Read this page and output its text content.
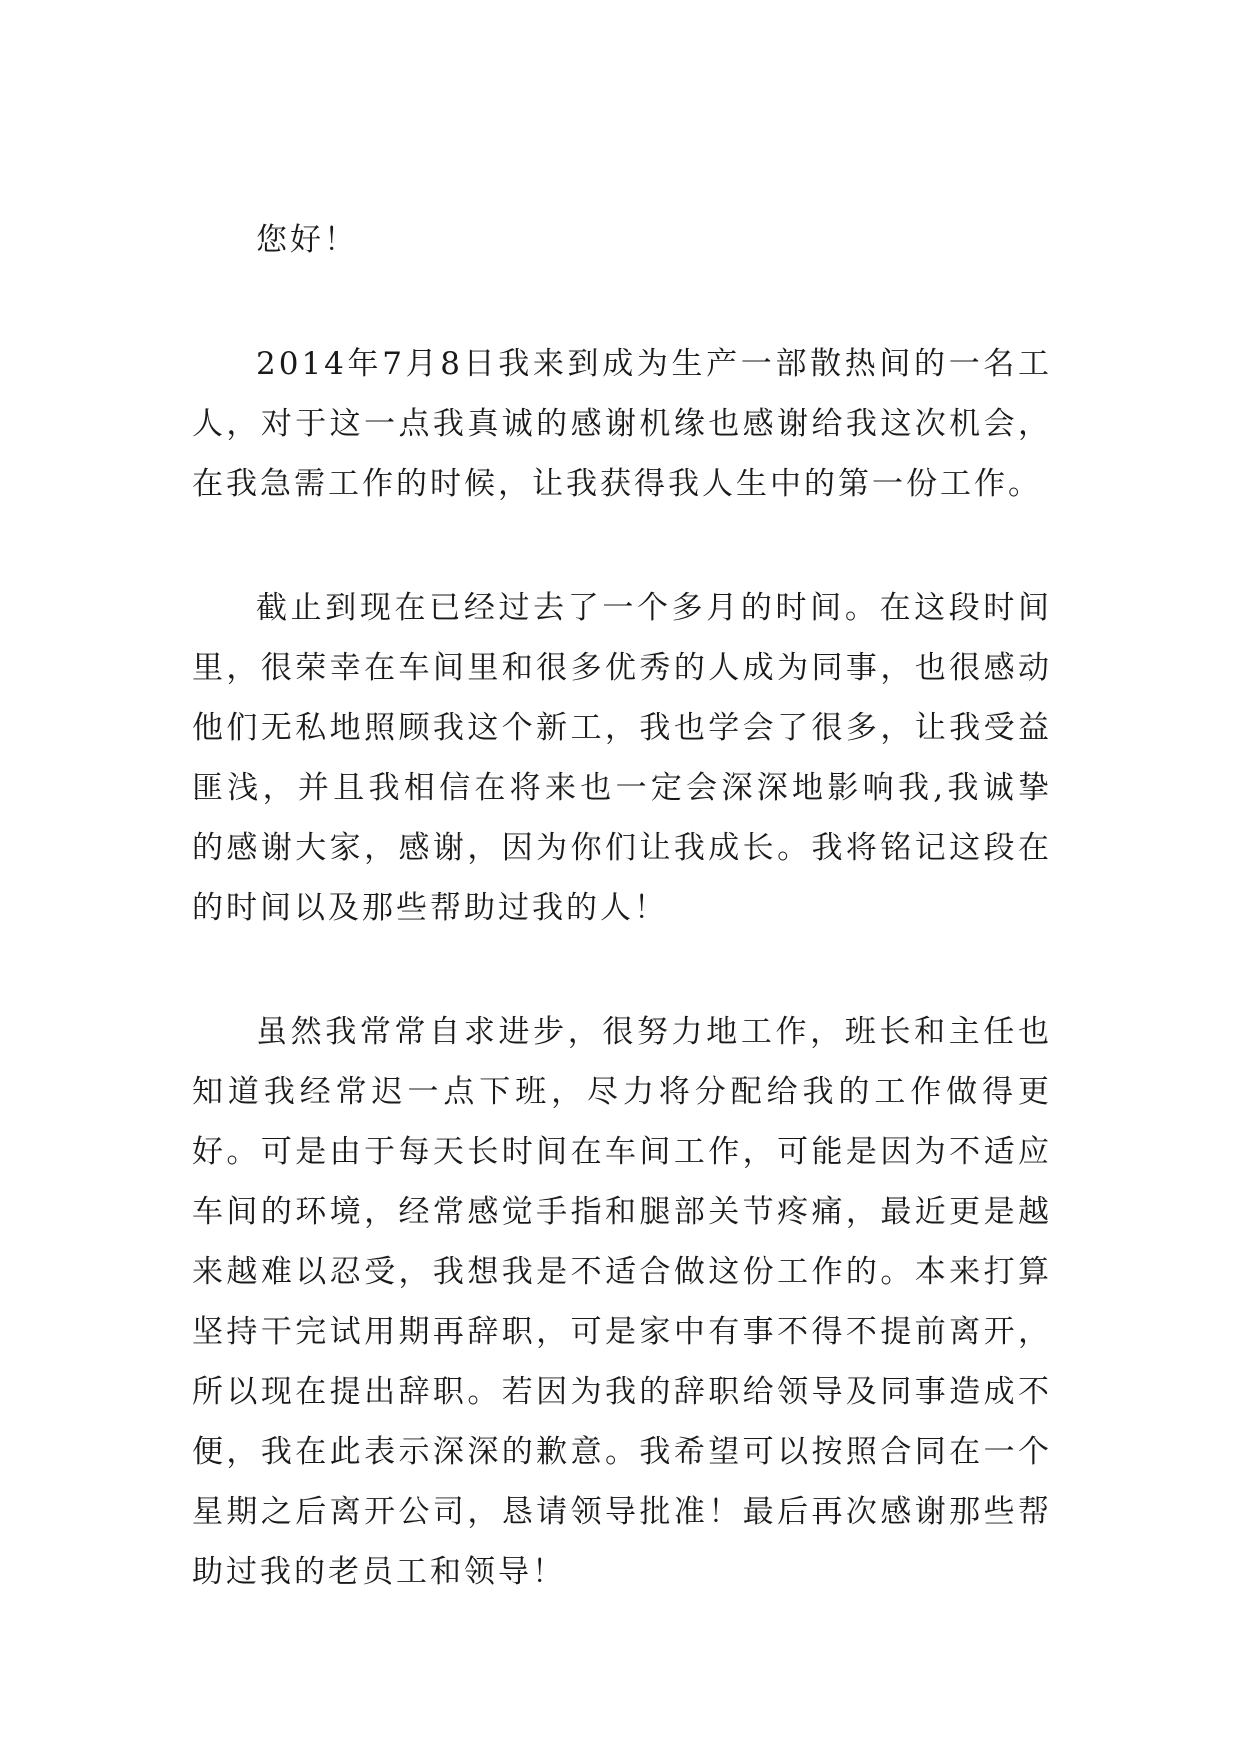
您好！

2014年7月8日我来到成为生产一部散热间的一名工人，对于这一点我真诚的感谢机缘也感谢给我这次机会，在我急需工作的时候，让我获得我人生中的第一份工作。

截止到现在已经过去了一个多月的时间。在这段时间里，很荣幸在车间里和很多优秀的人成为同事，也很感动他们无私地照顾我这个新工，我也学会了很多，让我受益匪浅，并且我相信在将来也一定会深深地影响我,我诚挚的感谢大家，感谢，因为你们让我成长。我将铭记这段在的时间以及那些帮助过我的人！

虽然我常常自求进步，很努力地工作，班长和主任也知道我经常迟一点下班，尽力将分配给我的工作做得更好。可是由于每天长时间在车间工作，可能是因为不适应车间的环境，经常感觉手指和腿部关节疼痛，最近更是越来越难以忍受，我想我是不适合做这份工作的。本来打算坚持干完试用期再辞职，可是家中有事不得不提前离开，所以现在提出辞职。若因为我的辞职给领导及同事造成不便，我在此表示深深的歉意。我希望可以按照合同在一个星期之后离开公司，恳请领导批准！最后再次感谢那些帮助过我的老员工和领导！
